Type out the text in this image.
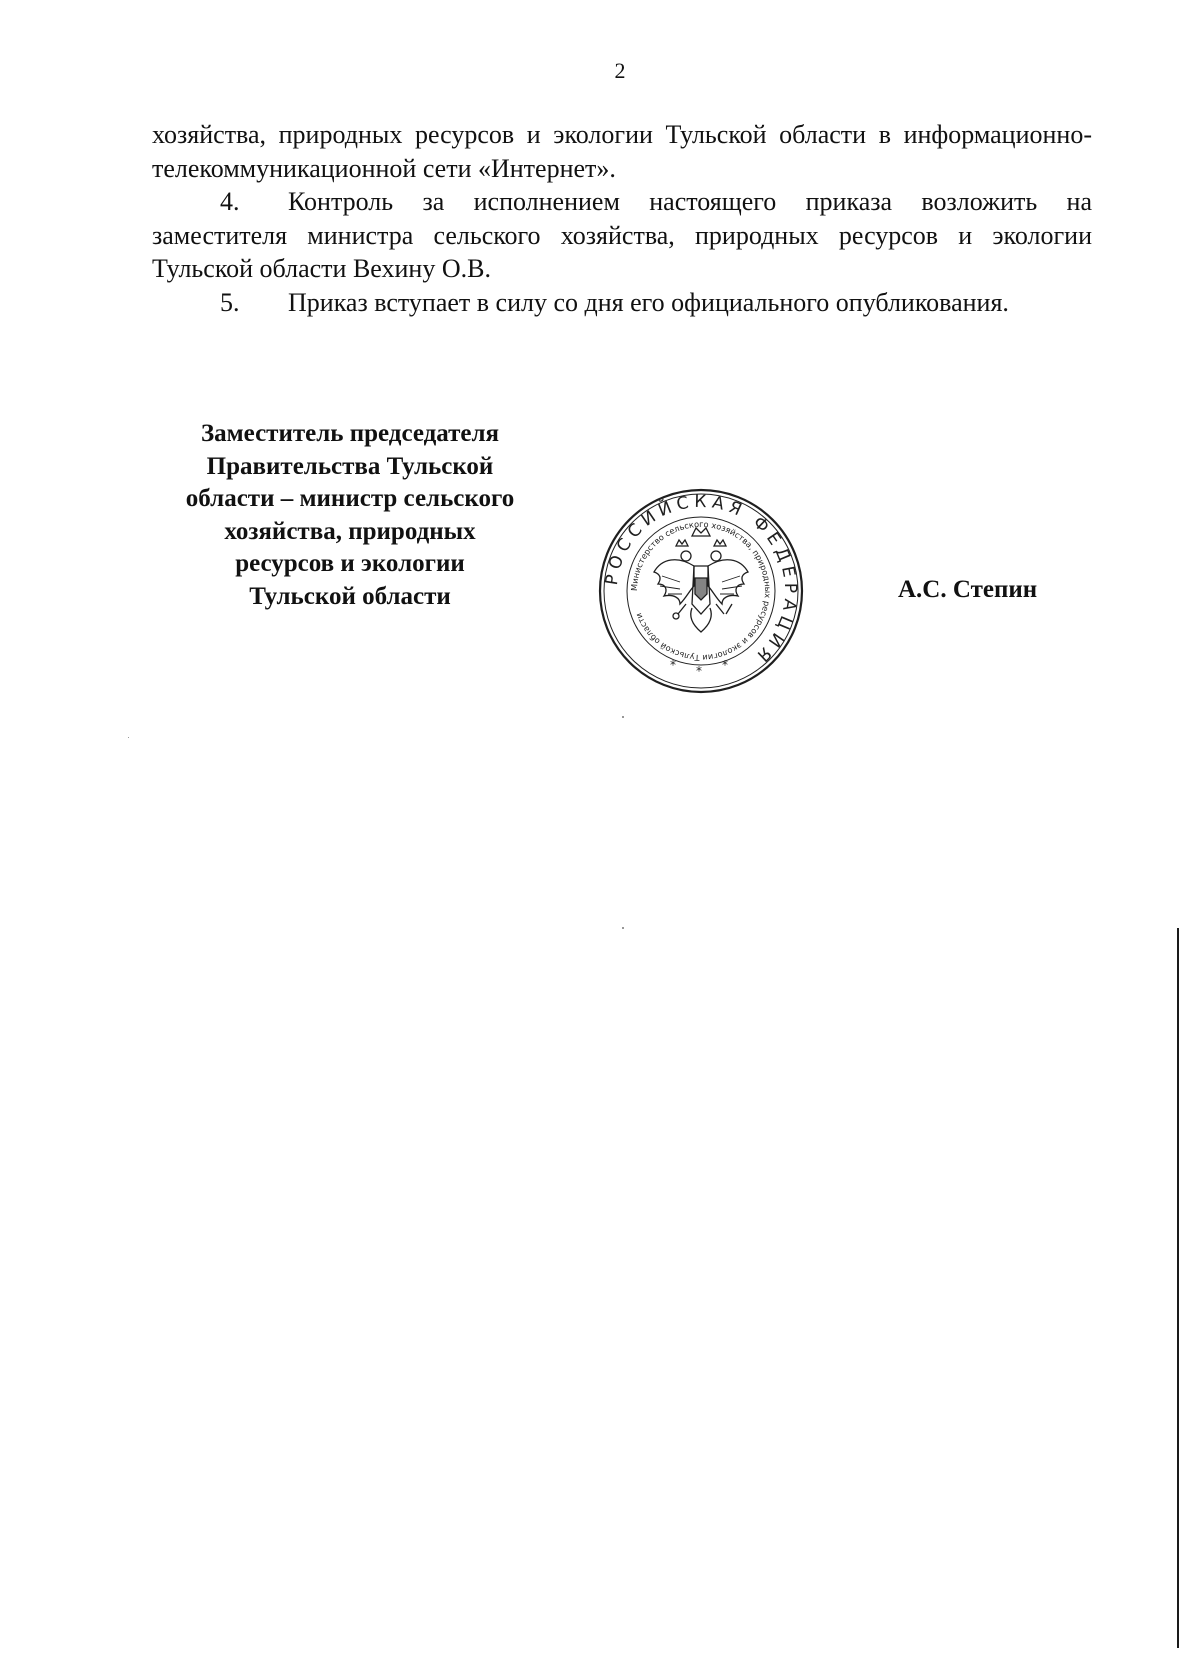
2

хозяйства, природных ресурсов и экологии Тульской области в информационно-телекоммуникационной сети «Интернет».

4. Контроль за исполнением настоящего приказа возложить на заместителя министра сельского хозяйства, природных ресурсов и экологии Тульской области Вехину О.В.

5. Приказ вступает в силу со дня его официального опубликования.

Заместитель председателя
Правительства Тульской
области – министр сельского
хозяйства, природных
ресурсов и экологии
Тульской области
РОССИЙСКАЯ ФЕДЕРАЦИЯ
Министерство сельского хозяйства, природных ресурсов и экологии Тульской области
* * *
А.С. Степин
